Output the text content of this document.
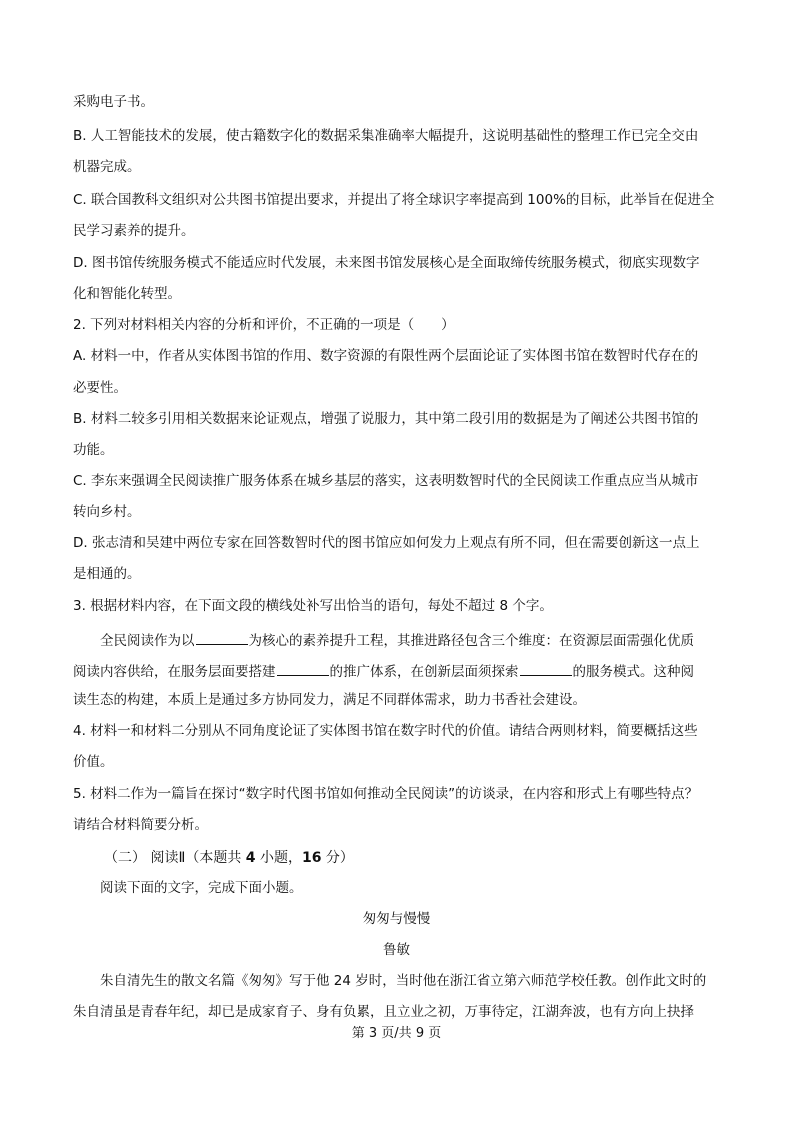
采购电子书。
B. 人工智能技术的发展，使古籍数字化的数据采集准确率大幅提升，这说明基础性的整理工作已完全交由
机器完成。
C. 联合国教科文组织对公共图书馆提出要求，并提出了将全球识字率提高到 100%的目标，此举旨在促进全
民学习素养的提升。
D. 图书馆传统服务模式不能适应时代发展，未来图书馆发展核心是全面取缔传统服务模式，彻底实现数字
化和智能化转型。
2. 下列对材料相关内容的分析和评价，不正确的一项是（　　）
A. 材料一中，作者从实体图书馆的作用、数字资源的有限性两个层面论证了实体图书馆在数智时代存在的
必要性。
B. 材料二较多引用相关数据来论证观点，增强了说服力，其中第二段引用的数据是为了阐述公共图书馆的
功能。
C. 李东来强调全民阅读推广服务体系在城乡基层的落实，这表明数智时代的全民阅读工作重点应当从城市
转向乡村。
D. 张志清和吴建中两位专家在回答数智时代的图书馆应如何发力上观点有所不同，但在需要创新这一点上
是相通的。
3. 根据材料内容，在下面文段的横线处补写出恰当的语句，每处不超过 8 个字。
全民阅读作为以	为核心的素养提升工程，其推进路径包含三个维度：在资源层面需强化优质
阅读内容供给，在服务层面要搭建	的推广体系，在创新层面须探索	的服务模式。这种阅
读生态的构建，本质上是通过多方协同发力，满足不同群体需求，助力书香社会建设。
4. 材料一和材料二分别从不同角度论证了实体图书馆在数字时代的价值。请结合两则材料，简要概括这些
价值。
5. 材料二作为一篇旨在探讨“数字时代图书馆如何推动全民阅读”的访谈录，在内容和形式上有哪些特点？
请结合材料简要分析。
（二） 阅读Ⅱ（本题共 4 小题，16 分）
阅读下面的文字，完成下面小题。
匆匆与慢慢
鲁敏
朱自清先生的散文名篇《匆匆》写于他 24 岁时，当时他在浙江省立第六师范学校任教。创作此文时的
朱自清虽是青春年纪，却已是成家育子、身有负累，且立业之初，万事待定，江湖奔波，也有方向上抉择
第 3 页/共 9 页
